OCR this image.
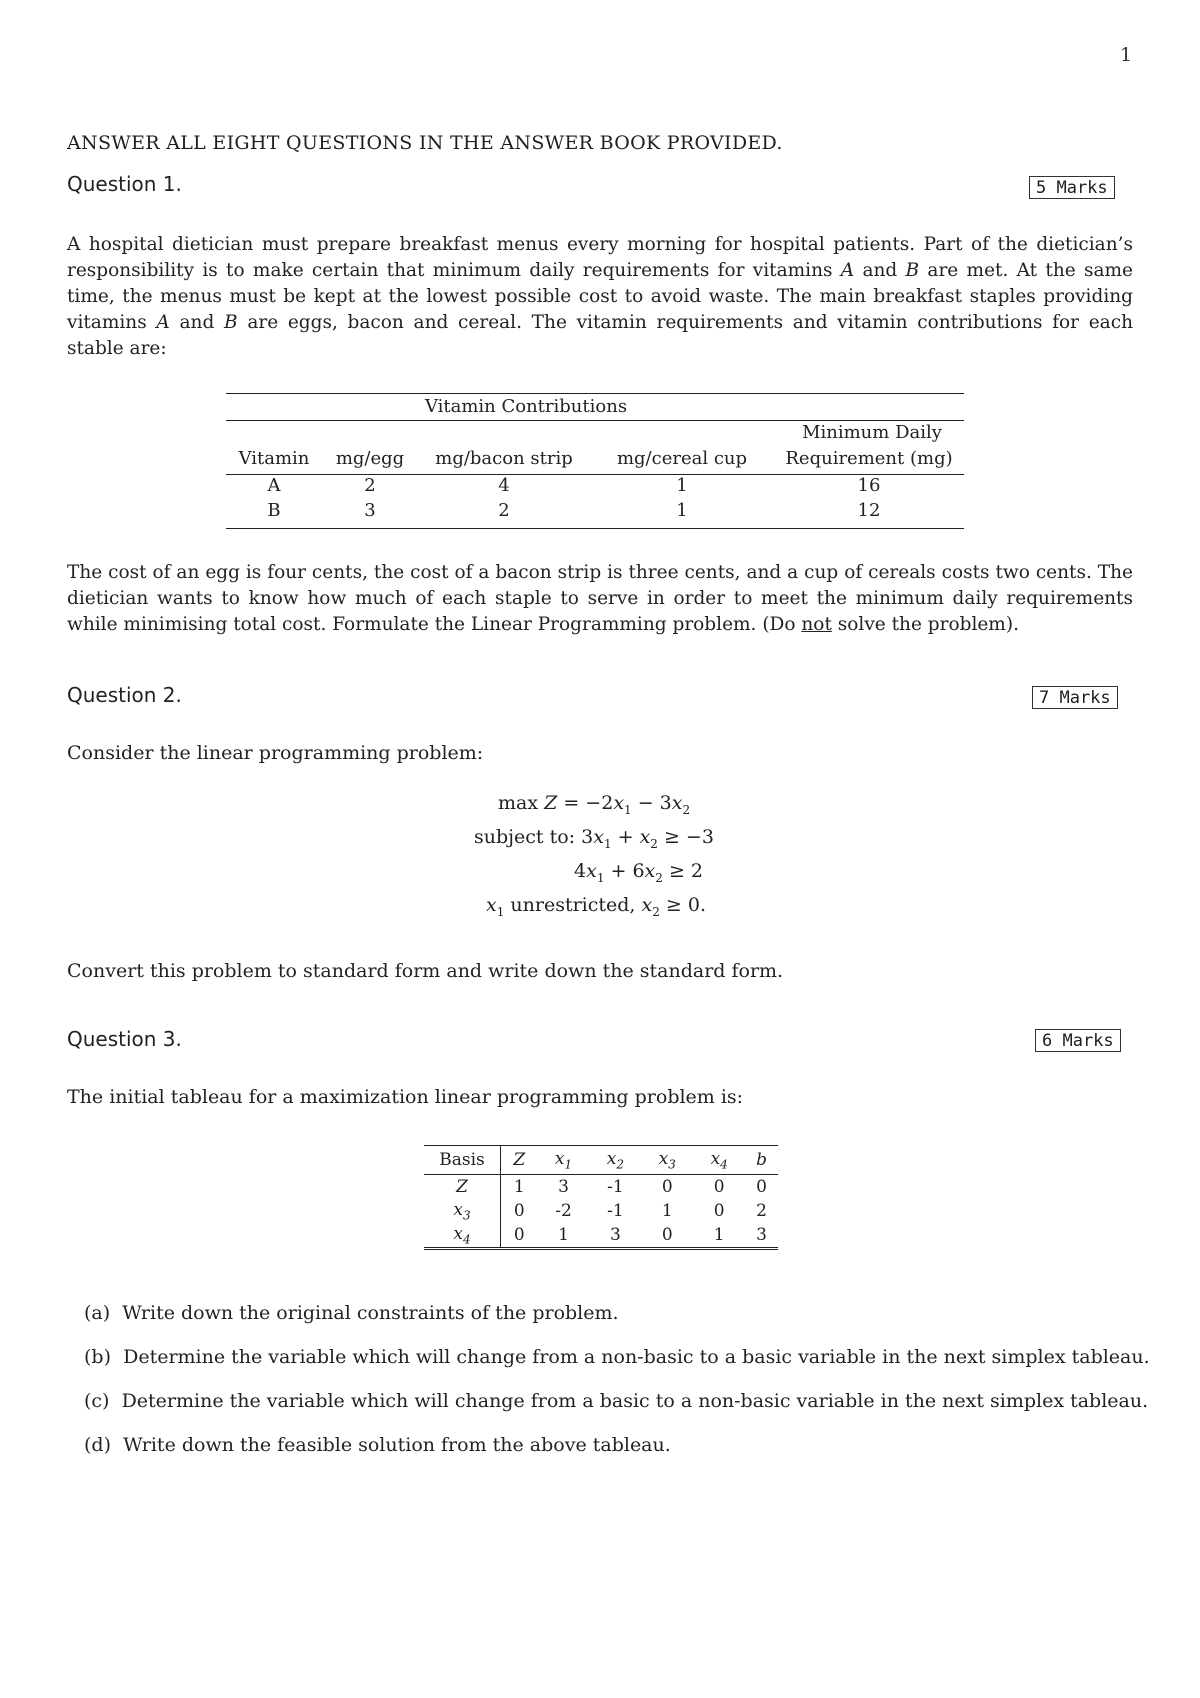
1
ANSWER ALL EIGHT QUESTIONS IN THE ANSWER BOOK PROVIDED.
Question 1.	5 Marks
A hospital dietician must prepare breakfast menus every morning for hospital patients. Part of the dietician’s responsibility is to make certain that minimum daily requirements for vitamins A and B are met. At the same time, the menus must be kept at the lowest possible cost to avoid waste. The main breakfast staples providing vitamins A and B are eggs, bacon and cereal. The vitamin requirements and vitamin contributions for each stable are:
Vitamin Contributions
Minimum Daily
Vitamin	mg/egg	mg/bacon strip	mg/cereal cup	Requirement (mg)
A	2	4	1	16
B	3	2	1	12
The cost of an egg is four cents, the cost of a bacon strip is three cents, and a cup of cereals costs two cents. The dietician wants to know how much of each staple to serve in order to meet the minimum daily requirements while minimising total cost. Formulate the Linear Programming problem. (Do not solve the problem).
Question 2.	7 Marks
Consider the linear programming problem:
$\max Z = -2x_1 - 3x_2$
subject to: $3x_1 + x_2 \ge -3$
$4x_1 + 6x_2 \ge 2$
$x_1$ unrestricted, $x_2 \ge 0$.
Convert this problem to standard form and write down the standard form.
Question 3.	6 Marks
The initial tableau for a maximization linear programming problem is:
Basis	Z	$x_1$	$x_2$	$x_3$	$x_4$	b
Z	1	3	-1	0	0	0
$x_3$	0	-2	-1	1	0	2
$x_4$	0	1	3	0	1	3
(a) Write down the original constraints of the problem.
(b) Determine the variable which will change from a non-basic to a basic variable in the next simplex tableau.
(c) Determine the variable which will change from a basic to a non-basic variable in the next simplex tableau.
(d) Write down the feasible solution from the above tableau.
